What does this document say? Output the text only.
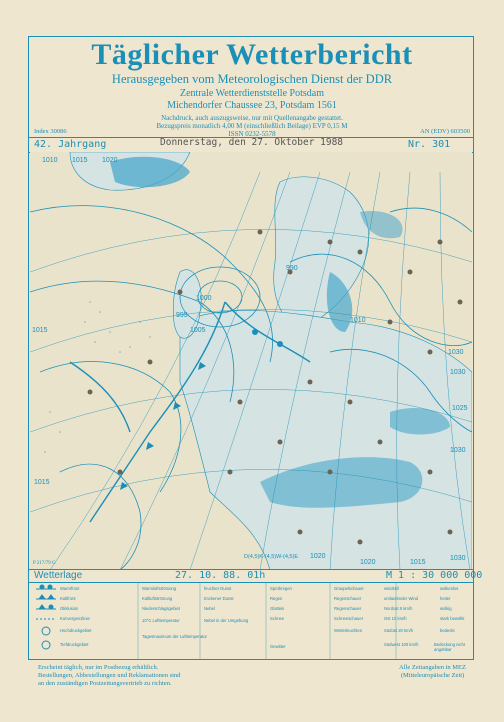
Täglicher Wetterbericht
Herausgegeben vom Meteorologischen Dienst der DDR
Zentrale Wetterdienststelle Potsdam
Michendorfer Chaussee 23, Potsdam 1561
Nachdruck, auch auszugsweise, nur mit Quellenangabe gestattet.
Bezugspreis monatlich 4,00 M (einschließlich Beilage) EVP 0,15 M
ISSN 0232-5578
Index 30086	AN (EDV) 603500
42. Jahrgang	Donnerstag, den 27. Oktober 1988	Nr. 301
1010 1015 1020
1015
1015
1030
1030
1025
1030
1020
1015
1020
1000
1005
1010
995
990
1030
D(4,5)K-(4,5)W-(4,5)E
P 217/79 G
Wetterlage	27. 10. 88. 01h	M 1 : 30 000 000
Warmfront
Kaltfront
Okklusion
Konvergenzlinie
Hochdruckgebiet
Tiefdruckgebiet
Warmluftströmung
Kaltluftströmung
Niederschlagsgebiet
10°C Lufttemperatur
Tagesmaximum der Lufttemperatur
feuchter Dunst
trockener Dunst
Nebel
Nebel in der Umgebung
Sprühregen
Regen
Glatteis
Schnee
Gewitter
Graupelschauer
Regenschauer
Regenschauer
Schneeschauer
Wetterleuchten
windstill
umlaufender Wind
Nordost 5 km/h
Ost 10 km/h
Südost 20 km/h
Südwest 100 km/h
wolkenlos
heiter
wolkig
stark bewölkt
bedeckt
Bedeckung nicht angebbar
Erscheint täglich, nur im Postbezug erhältlich.
Bestellungen, Abbestellungen und Reklamationen sind
an den zuständigen Postzeitungsvertrieb zu richten.
Alle Zeitangaben in MEZ
(Mitteleuropäische Zeit)
